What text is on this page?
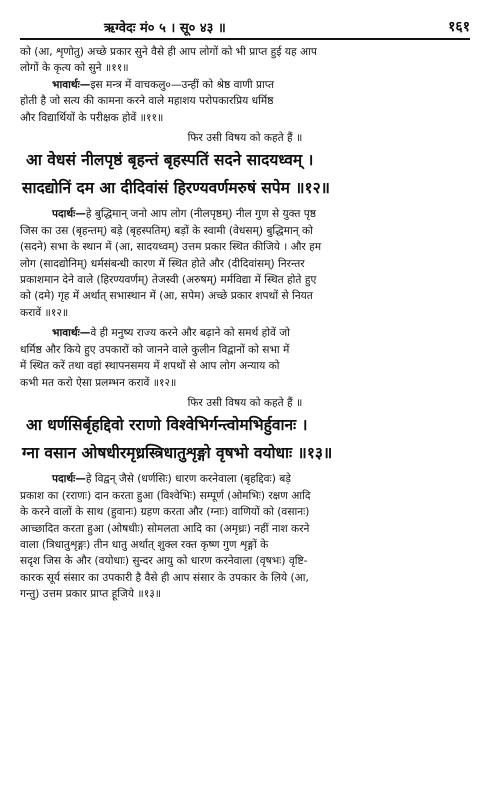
ऋग्वेदः मं० ५ । सू० ४३ ॥	१६१
को (आ, शृणोतु) अच्छे प्रकार सुने वैसे ही आप लोगों को भी प्राप्त हुई यह आप
लोगों के कृत्य को सुने ॥११॥
भावार्थः—इस मन्त्र में वाचकलु०—उन्हीं को श्रेष्ठ वाणी प्राप्त
होती है जो सत्य की कामना करने वाले महाशय परोपकारप्रिय धर्मिष्ठ
और विद्यार्थियों के परीक्षक होवें ॥११॥
फिर उसी विषय को कहते हैं ॥
आ वेधसं नीलपृष्ठं बृहन्तं बृहस्पतिं सदने सादयध्वम् ।
सादद्योनिं दम आ दीदिवांसं हिरण्यवर्णमरुषं सपेम ॥१२॥
पदार्थः—हे बुद्धिमान् जनो आप लोग (नीलपृष्ठम्) नील गुण से युक्त पृष्ठ
जिस का उस (बृहन्तम्) बड़े (बृहस्पतिम्) बड़ों के स्वामी (वेधसम्) बुद्धिमान् को
(सदने) सभा के स्थान में (आ, सादयध्वम्) उत्तम प्रकार स्थित कीजिये । और हम
लोग (सादद्योनिम्) धर्मसंबन्धी कारण में स्थित होते और (दीदिवांसम्) निरन्तर
प्रकाशमान देने वाले (हिरण्यवर्णम्) तेजस्वी (अरुषम्) मर्मविद्या में स्थित होते हुए
को (दमे) गृह में अर्थात् सभास्थान में (आ, सपेम) अच्छे प्रकार शपथों से नियत
करावें ॥१२॥
भावार्थः—वे ही मनुष्य राज्य करने और बढ़ाने को समर्थ होवें जो
धर्मिष्ठ और किये हुए उपकारों को जानने वाले कुलीन विद्वानों को सभा में
में स्थित करें तथा वहां स्थापनसमय में शपथों से आप लोग अन्याय को
कभी मत करो ऐसा प्रलम्भन करावें ॥१२॥
फिर उसी विषय को कहते हैं ॥
आ धर्णसिर्बृहद्दिवो रराणो विश्वेभिर्गन्त्वोमभिर्हुवानः ।
ग्ना वसान ओषधीरमृध्रस्त्रिधातुशृङ्गो वृषभो वयोधाः ॥१३॥
पदार्थः—हे विद्वन् जैसे (धर्णसिः) धारण करनेवाला (बृहद्दिवः) बड़े
प्रकाश का (रराणः) दान करता हुआ (विश्वेभिः) सम्पूर्ण (ओमभिः) रक्षण आदि
के करने वालों के साथ (हुवानः) ग्रहण करता और (ग्नाः) वाणियों को (वसानः)
आच्छादित करता हुआ (ओषधीः) सोमलता आदि का (अमृध्रः) नहीं नाश करने
वाला (त्रिधातुशृङ्गः) तीन धातु अर्थात् शुक्ल रक्त कृष्ण गुण शृङ्गों के
सदृश जिस के और (वयोधाः) सुन्दर आयु को धारण करनेवाला (वृषभः) वृष्टि-
कारक सूर्य संसार का उपकारी है वैसे ही आप संसार के उपकार के लिये (आ,
गन्तु) उत्तम प्रकार प्राप्त हूजिये ॥१३॥
